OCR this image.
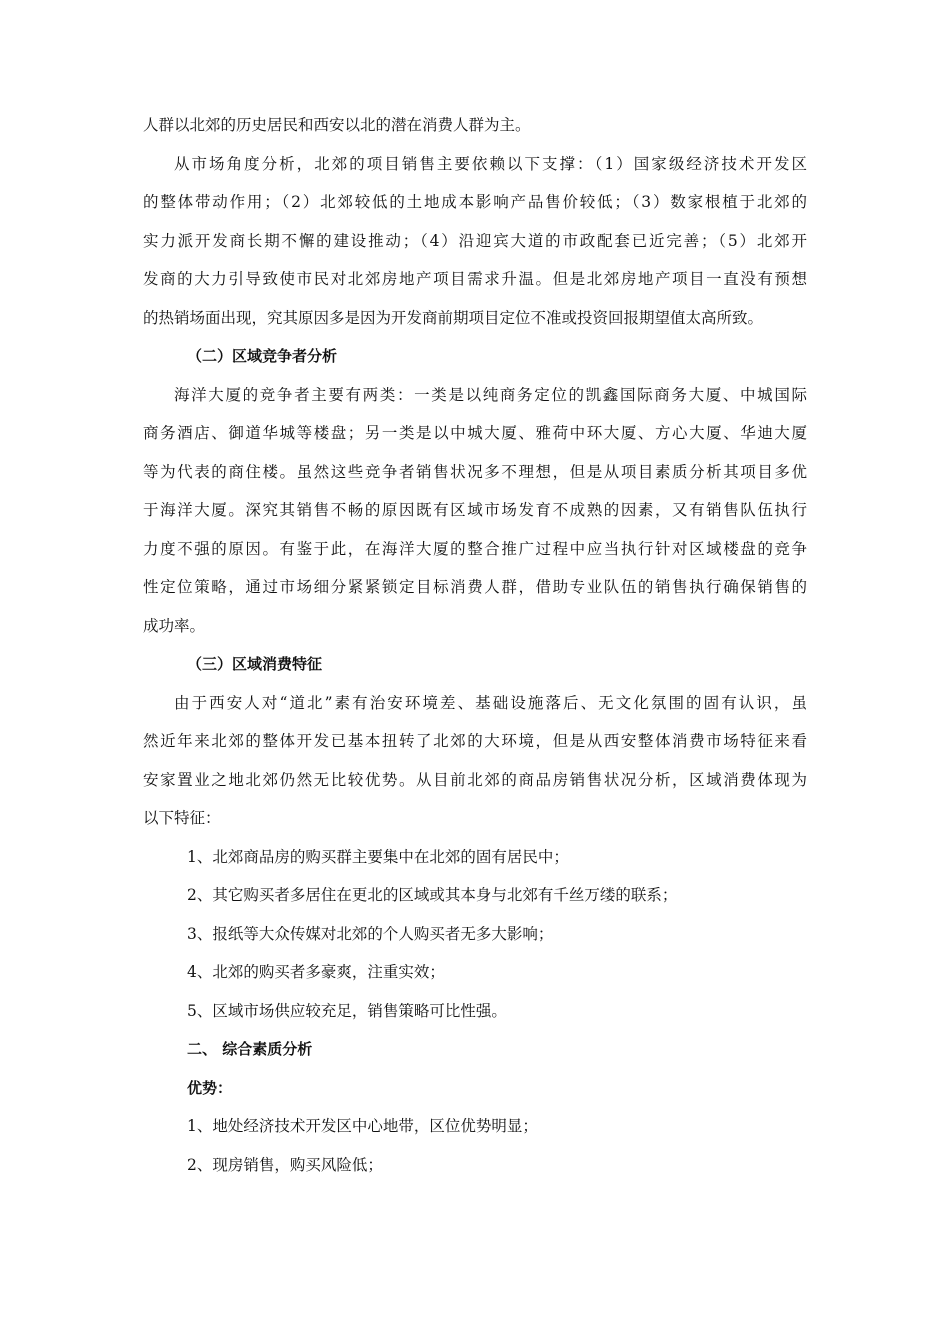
人群以北郊的历史居民和西安以北的潜在消费人群为主。
从市场角度分析，北郊的项目销售主要依赖以下支撑：（1）国家级经济技术开发区
的整体带动作用；（2）北郊较低的土地成本影响产品售价较低；（3）数家根植于北郊的
实力派开发商长期不懈的建设推动；（4）沿迎宾大道的市政配套已近完善；（5）北郊开
发商的大力引导致使市民对北郊房地产项目需求升温。但是北郊房地产项目一直没有预想
的热销场面出现，究其原因多是因为开发商前期项目定位不准或投资回报期望值太高所致。
（二）区域竞争者分析
海洋大厦的竞争者主要有两类：一类是以纯商务定位的凯鑫国际商务大厦、中城国际
商务酒店、御道华城等楼盘；另一类是以中城大厦、雅荷中环大厦、方心大厦、华迪大厦
等为代表的商住楼。虽然这些竞争者销售状况多不理想，但是从项目素质分析其项目多优
于海洋大厦。深究其销售不畅的原因既有区域市场发育不成熟的因素，又有销售队伍执行
力度不强的原因。有鉴于此，在海洋大厦的整合推广过程中应当执行针对区域楼盘的竞争
性定位策略，通过市场细分紧紧锁定目标消费人群，借助专业队伍的销售执行确保销售的
成功率。
（三）区域消费特征
由于西安人对“道北”素有治安环境差、基础设施落后、无文化氛围的固有认识，虽
然近年来北郊的整体开发已基本扭转了北郊的大环境，但是从西安整体消费市场特征来看
安家置业之地北郊仍然无比较优势。从目前北郊的商品房销售状况分析，区域消费体现为
以下特征：
1、北郊商品房的购买群主要集中在北郊的固有居民中；
2、其它购买者多居住在更北的区域或其本身与北郊有千丝万缕的联系；
3、报纸等大众传媒对北郊的个人购买者无多大影响；
4、北郊的购买者多豪爽，注重实效；
5、区域市场供应较充足，销售策略可比性强。
二、 综合素质分析
优势：
1、地处经济技术开发区中心地带，区位优势明显；
2、现房销售，购买风险低；
